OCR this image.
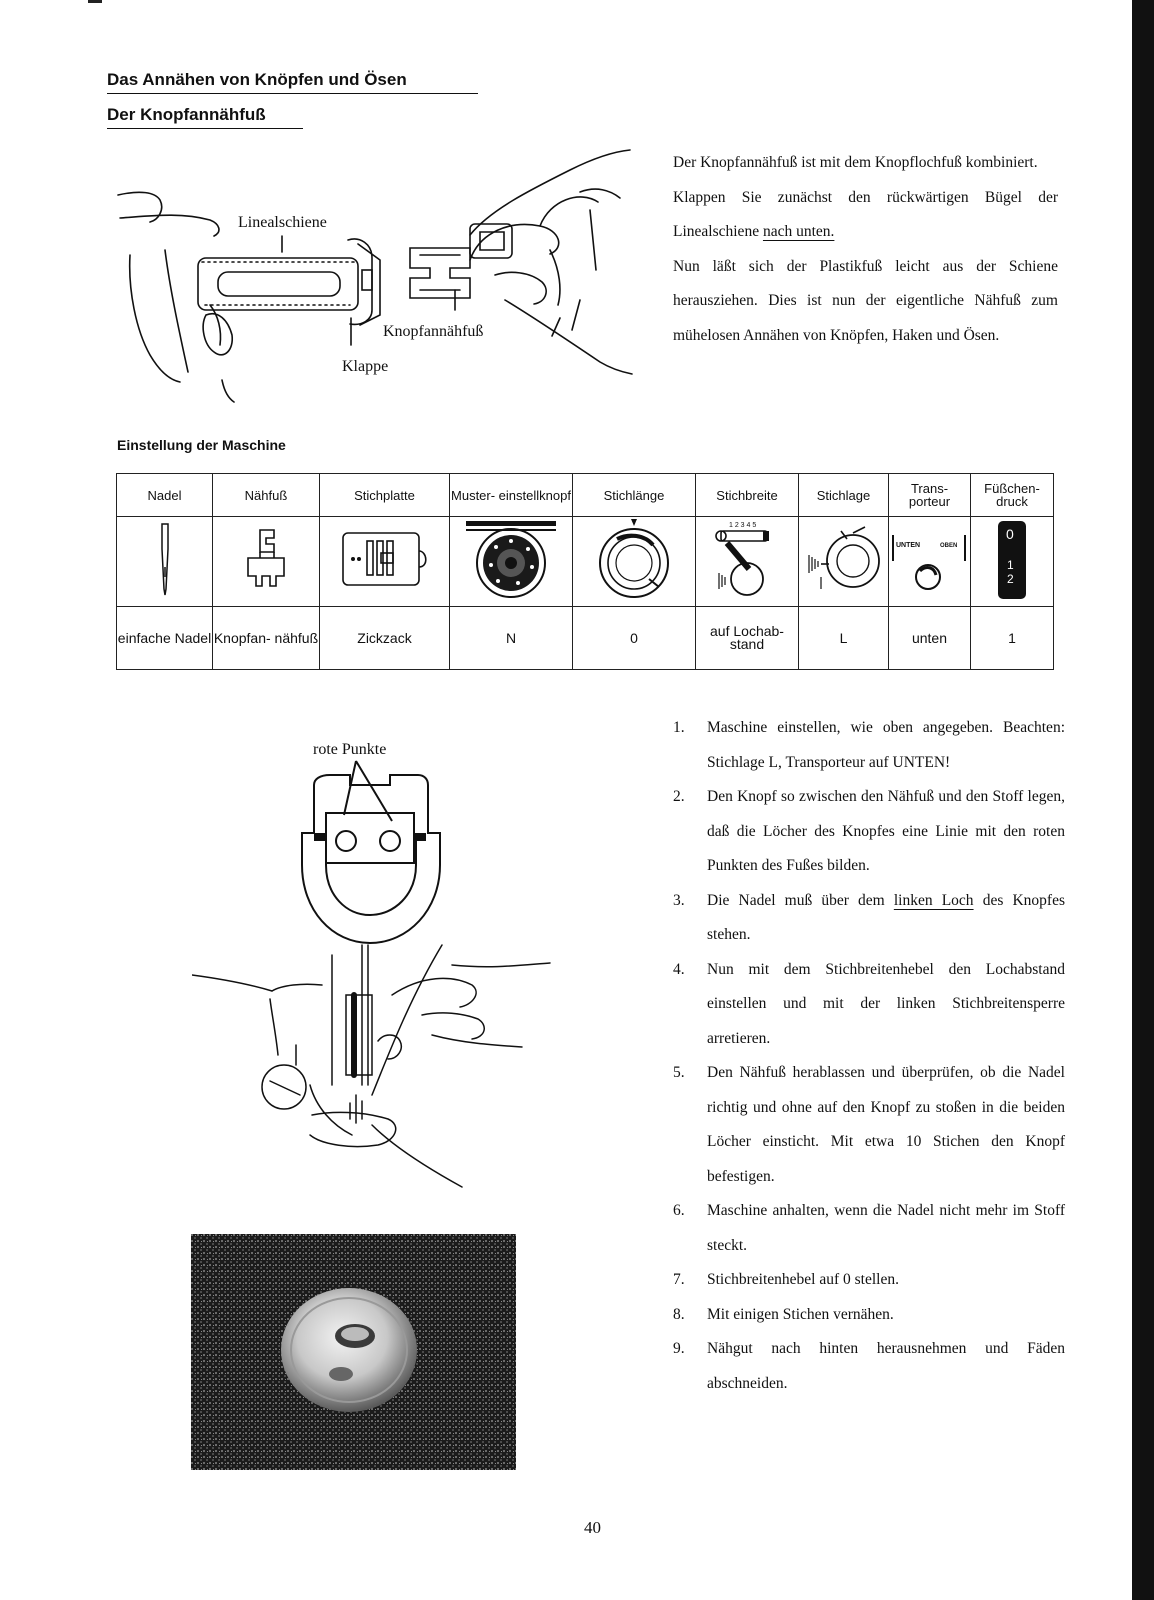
Das Annähen von Knöpfen und Ösen
Der Knopfannähfuß
Linealschiene
Knopfannähfuß
Klappe

Der Knopfannähfuß ist mit dem Knopflochfuß kombiniert.

Klappen Sie zunächst den rückwärtigen Bügel der Linealschiene nach unten.

Nun läßt sich der Plastikfuß leicht aus der Schiene herausziehen. Dies ist nun der eigentliche Nähfuß zum mühelosen Annähen von Knöpfen, Haken und Ösen.

Einstellung der Maschine
Nadel	Nähfuß	Stichplatte	Muster- einstellknopf	Stichlänge	Stichbreite	Stichlage	Trans- porteur	Füßchen- druck

1 2 3 4 5		UNTEN OBEN	0
1
2

einfache Nadel	Knopfan- nähfuß	Zickzack	N	0	auf Lochab- stand	L	unten	1
rote Punkte
1. Maschine einstellen, wie oben angegeben. Beachten: Stichlage L, Transporteur auf UNTEN!
2. Den Knopf so zwischen den Nähfuß und den Stoff legen, daß die Löcher des Knopfes eine Linie mit den roten Punkten des Fußes bilden.
3. Die Nadel muß über dem linken Loch des Knopfes stehen.
4. Nun mit dem Stichbreitenhebel den Lochabstand einstellen und mit der linken Stichbreitensperre arretieren.
5. Den Nähfuß herablassen und überprüfen, ob die Nadel richtig und ohne auf den Knopf zu stoßen in die beiden Löcher einsticht. Mit etwa 10 Stichen den Knopf befestigen.
6. Maschine anhalten, wenn die Nadel nicht mehr im Stoff steckt.
7. Stichbreitenhebel auf 0 stellen.
8. Mit einigen Stichen vernähen.
9. Nähgut nach hinten herausnehmen und Fäden abschneiden.
40
